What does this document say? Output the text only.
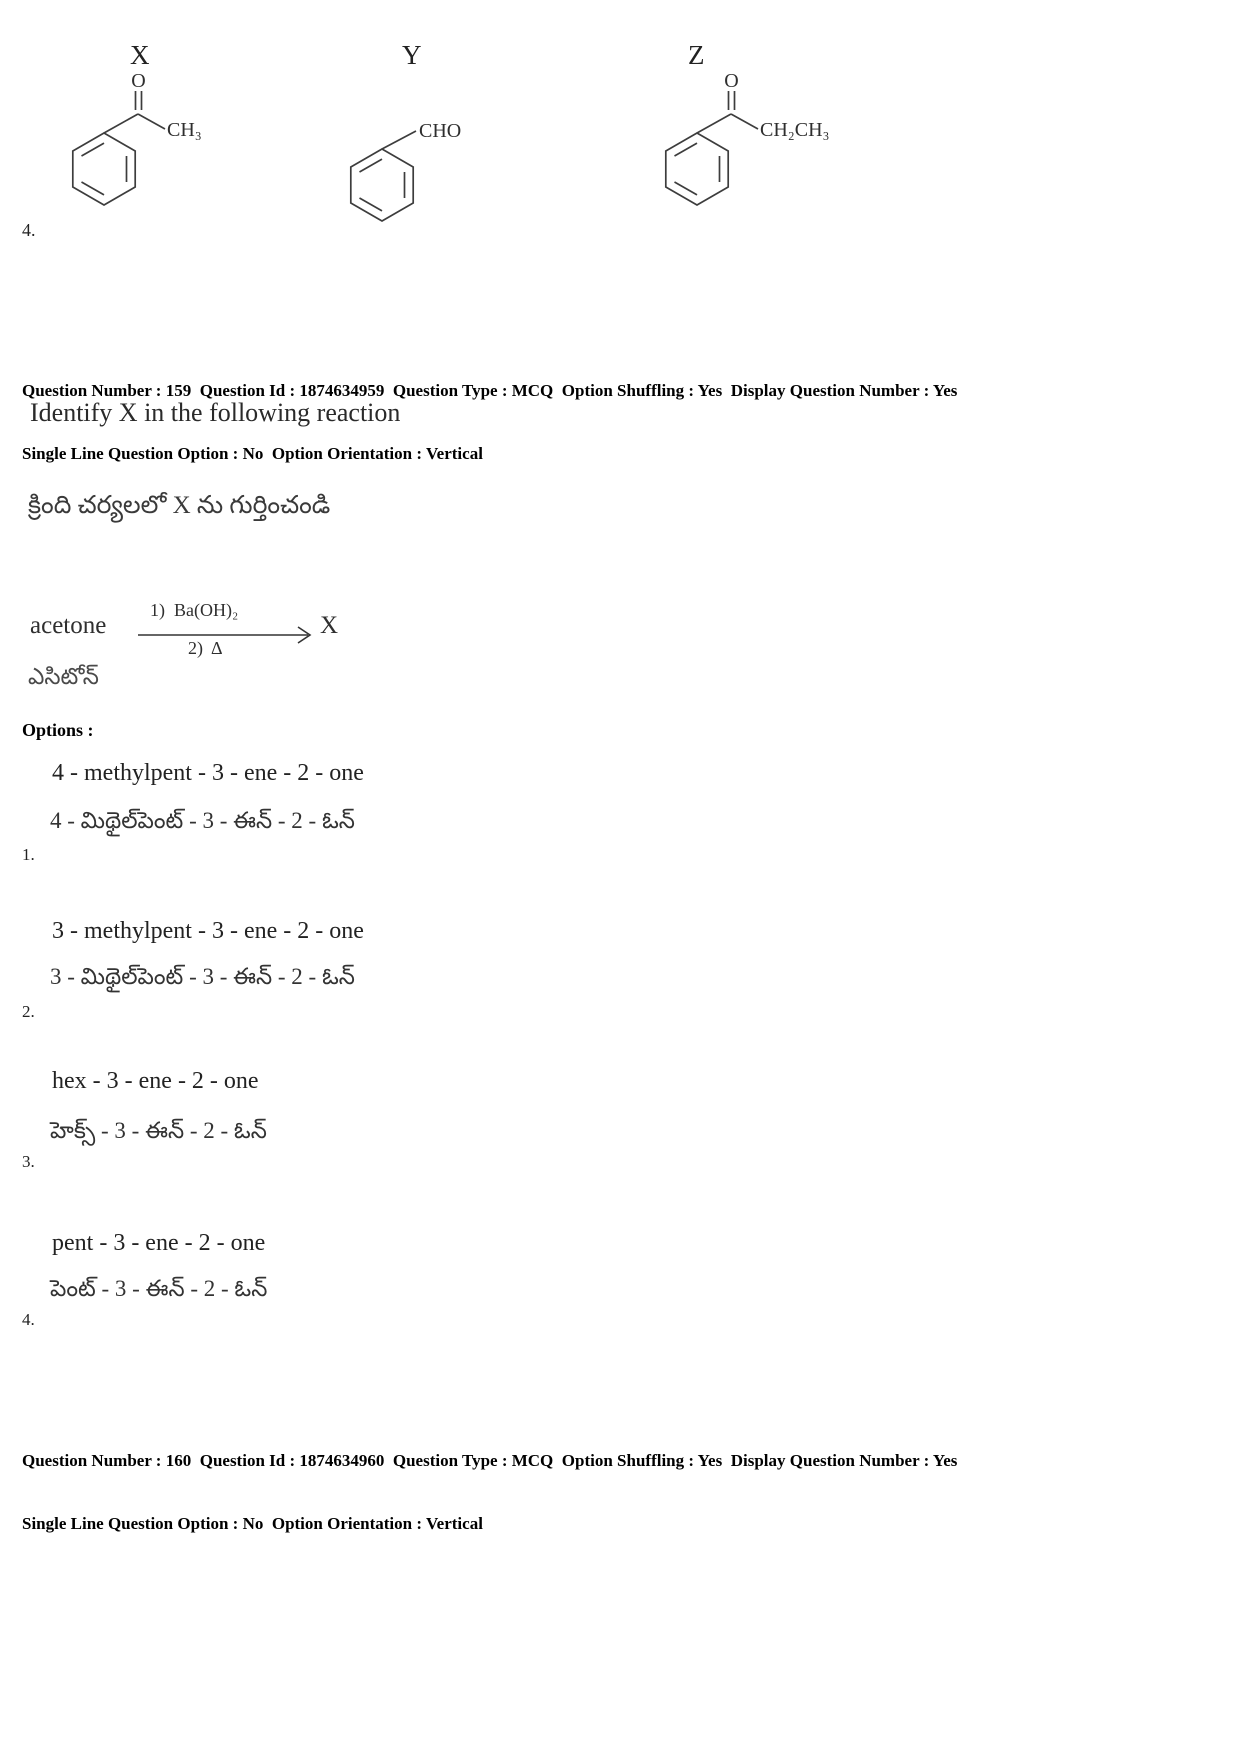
X	Y	Z
O
CH₃	CHO
O
CH₂CH₃
4.

Question Number : 159  Question Id : 1874634959  Question Type : MCQ  Option Shuffling : Yes  Display Question Number : Yes

Single Line Question Option : No  Option Orientation : Vertical

Identify X in the following reaction
క్రింది చర్యలలో X ను గుర్తించండి
acetone
1)  Ba(OH)₂
2)  Δ
X
ఎసిటోన్
Options :
4 - methylpent - 3 - ene - 2 - one
4 - మిథైల్‌పెంట్ - 3 - ఈన్ - 2 - ఓన్
1.
3 - methylpent - 3 - ene - 2 - one
3 - మిథైల్‌పెంట్ - 3 - ఈన్ - 2 - ఓన్
2.
hex - 3 - ene - 2 - one
హెక్స్ - 3 - ఈన్ - 2 - ఓన్
3.
pent - 3 - ene - 2 - one
పెంట్ - 3 - ఈన్ - 2 - ఓన్
4.

Question Number : 160  Question Id : 1874634960  Question Type : MCQ  Option Shuffling : Yes  Display Question Number : Yes

Single Line Question Option : No  Option Orientation : Vertical
